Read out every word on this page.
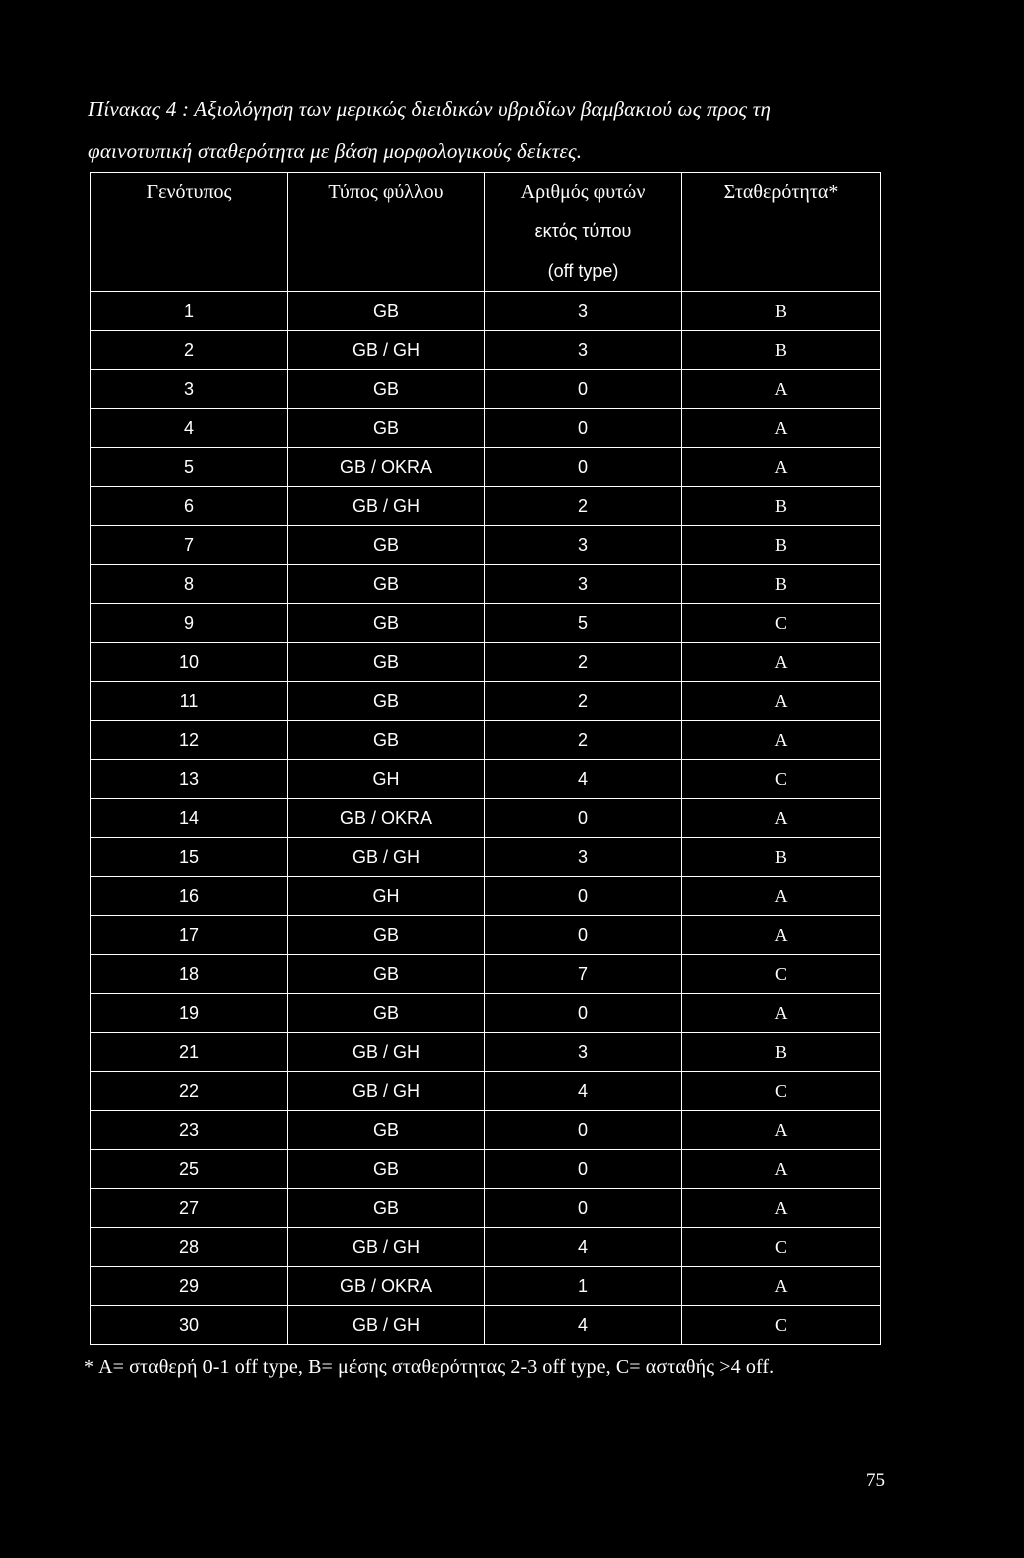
Πίνακας 4 : Αξιολόγηση των μερικώς διειδικών υβριδίων βαμβακιού ως προς τη
φαινοτυπική σταθερότητα με βάση μορφολογικούς δείκτες.
Γενότυπος	Τύπος φύλλου	Αριθμός φυτών
εκτός τύπου
(off type)	Σταθερότητα*
1	GB	3	B
2	GB / GH	3	B
3	GB	0	A
4	GB	0	A
5	GB / OKRA	0	A
6	GB / GH	2	B
7	GB	3	B
8	GB	3	B
9	GB	5	C
10	GB	2	A
11	GB	2	A
12	GB	2	A
13	GH	4	C
14	GB / OKRA	0	A
15	GB / GH	3	B
16	GH	0	A
17	GB	0	A
18	GB	7	C
19	GB	0	A
21	GB / GH	3	B
22	GB / GH	4	C
23	GB	0	A
25	GB	0	A
27	GB	0	A
28	GB / GH	4	C
29	GB / OKRA	1	A
30	GB / GH	4	C
* A= σταθερή 0-1 off type, B= μέσης σταθερότητας 2-3 off type, C= ασταθής >4 off.
75
